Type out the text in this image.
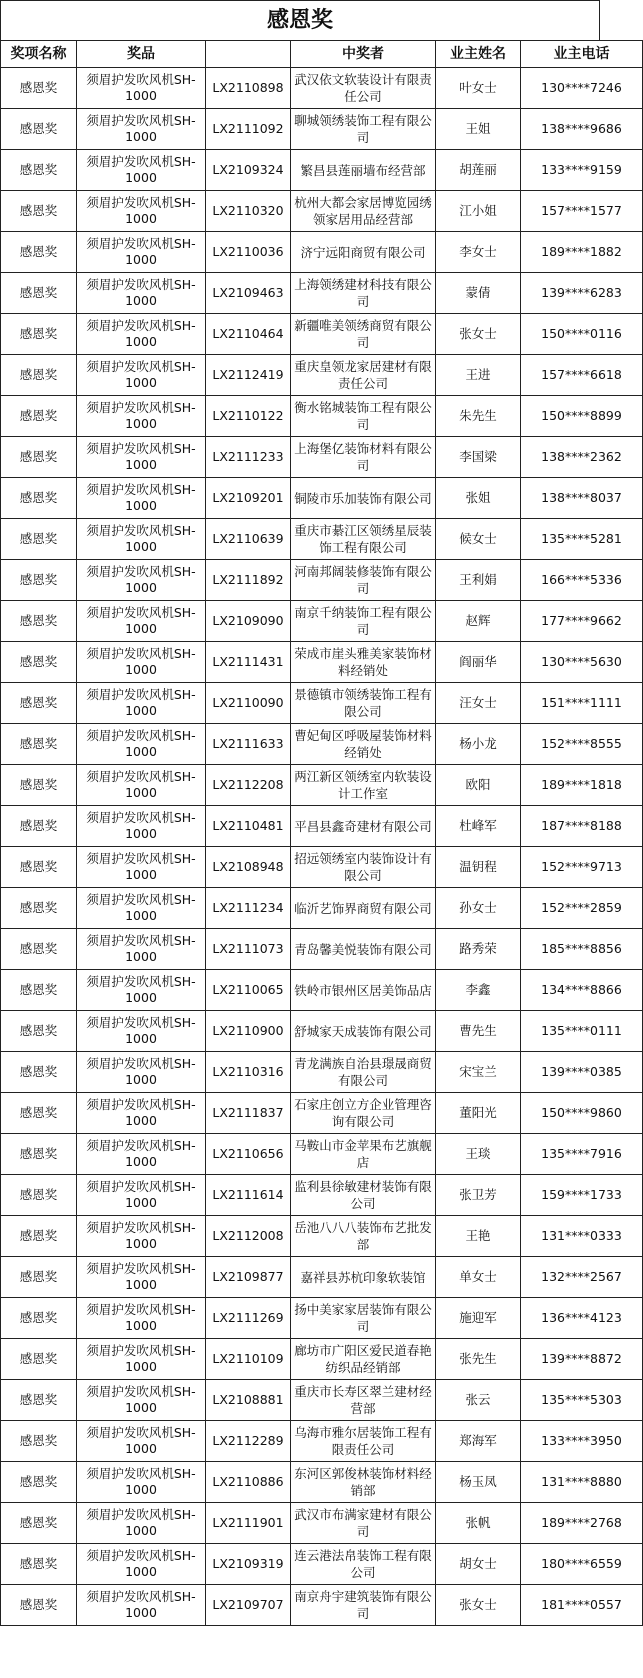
感恩奖
奖项名称	奖品		中奖者	业主姓名	业主电话
感恩奖	须眉护发吹风机SH-1000	LX2110898	武汉依文软装设计有限责任公司	叶女士	130****7246
感恩奖	须眉护发吹风机SH-1000	LX2111092	聊城领绣装饰工程有限公司	王姐	138****9686
感恩奖	须眉护发吹风机SH-1000	LX2109324	繁昌县莲丽墙布经营部	胡莲丽	133****9159
感恩奖	须眉护发吹风机SH-1000	LX2110320	杭州大都会家居博览园绣领家居用品经营部	江小姐	157****1577
感恩奖	须眉护发吹风机SH-1000	LX2110036	济宁远阳商贸有限公司	李女士	189****1882
感恩奖	须眉护发吹风机SH-1000	LX2109463	上海领绣建材科技有限公司	蒙倩	139****6283
感恩奖	须眉护发吹风机SH-1000	LX2110464	新疆唯美领绣商贸有限公司	张女士	150****0116
感恩奖	须眉护发吹风机SH-1000	LX2112419	重庆皇领龙家居建材有限责任公司	王进	157****6618
感恩奖	须眉护发吹风机SH-1000	LX2110122	衡水铭城装饰工程有限公司	朱先生	150****8899
感恩奖	须眉护发吹风机SH-1000	LX2111233	上海堡亿装饰材料有限公司	李国梁	138****2362
感恩奖	须眉护发吹风机SH-1000	LX2109201	铜陵市乐加装饰有限公司	张姐	138****8037
感恩奖	须眉护发吹风机SH-1000	LX2110639	重庆市綦江区领绣星辰装饰工程有限公司	候女士	135****5281
感恩奖	须眉护发吹风机SH-1000	LX2111892	河南邦阔装修装饰有限公司	王利娟	166****5336
感恩奖	须眉护发吹风机SH-1000	LX2109090	南京千纳装饰工程有限公司	赵辉	177****9662
感恩奖	须眉护发吹风机SH-1000	LX2111431	荣成市崖头雅美家装饰材料经销处	阎丽华	130****5630
感恩奖	须眉护发吹风机SH-1000	LX2110090	景德镇市领绣装饰工程有限公司	汪女士	151****1111
感恩奖	须眉护发吹风机SH-1000	LX2111633	曹妃甸区呼吸屋装饰材料经销处	杨小龙	152****8555
感恩奖	须眉护发吹风机SH-1000	LX2112208	两江新区领绣室内软装设计工作室	欧阳	189****1818
感恩奖	须眉护发吹风机SH-1000	LX2110481	平昌县鑫奇建材有限公司	杜峰军	187****8188
感恩奖	须眉护发吹风机SH-1000	LX2108948	招远领绣室内装饰设计有限公司	温钥程	152****9713
感恩奖	须眉护发吹风机SH-1000	LX2111234	临沂艺饰界商贸有限公司	孙女士	152****2859
感恩奖	须眉护发吹风机SH-1000	LX2111073	青岛馨美悦装饰有限公司	路秀荣	185****8856
感恩奖	须眉护发吹风机SH-1000	LX2110065	铁岭市银州区居美饰品店	李鑫	134****8866
感恩奖	须眉护发吹风机SH-1000	LX2110900	舒城家天成装饰有限公司	曹先生	135****0111
感恩奖	须眉护发吹风机SH-1000	LX2110316	青龙满族自治县璟晟商贸有限公司	宋宝兰	139****0385
感恩奖	须眉护发吹风机SH-1000	LX2111837	石家庄创立方企业管理咨询有限公司	董阳光	150****9860
感恩奖	须眉护发吹风机SH-1000	LX2110656	马鞍山市金苹果布艺旗舰店	王琰	135****7916
感恩奖	须眉护发吹风机SH-1000	LX2111614	监利县徐敏建材装饰有限公司	张卫芳	159****1733
感恩奖	须眉护发吹风机SH-1000	LX2112008	岳池八八八装饰布艺批发部	王艳	131****0333
感恩奖	须眉护发吹风机SH-1000	LX2109877	嘉祥县苏杭印象软装馆	单女士	132****2567
感恩奖	须眉护发吹风机SH-1000	LX2111269	扬中美家家居装饰有限公司	施迎军	136****4123
感恩奖	须眉护发吹风机SH-1000	LX2110109	廊坊市广阳区爱民道春艳纺织品经销部	张先生	139****8872
感恩奖	须眉护发吹风机SH-1000	LX2108881	重庆市长寿区翠兰建材经营部	张云	135****5303
感恩奖	须眉护发吹风机SH-1000	LX2112289	乌海市雅尔居装饰工程有限责任公司	郑海军	133****3950
感恩奖	须眉护发吹风机SH-1000	LX2110886	东河区郭俊林装饰材料经销部	杨玉凤	131****8880
感恩奖	须眉护发吹风机SH-1000	LX2111901	武汉市布满家建材有限公司	张帆	189****2768
感恩奖	须眉护发吹风机SH-1000	LX2109319	连云港法帛装饰工程有限公司	胡女士	180****6559
感恩奖	须眉护发吹风机SH-1000	LX2109707	南京舟宇建筑装饰有限公司	张女士	181****0557
